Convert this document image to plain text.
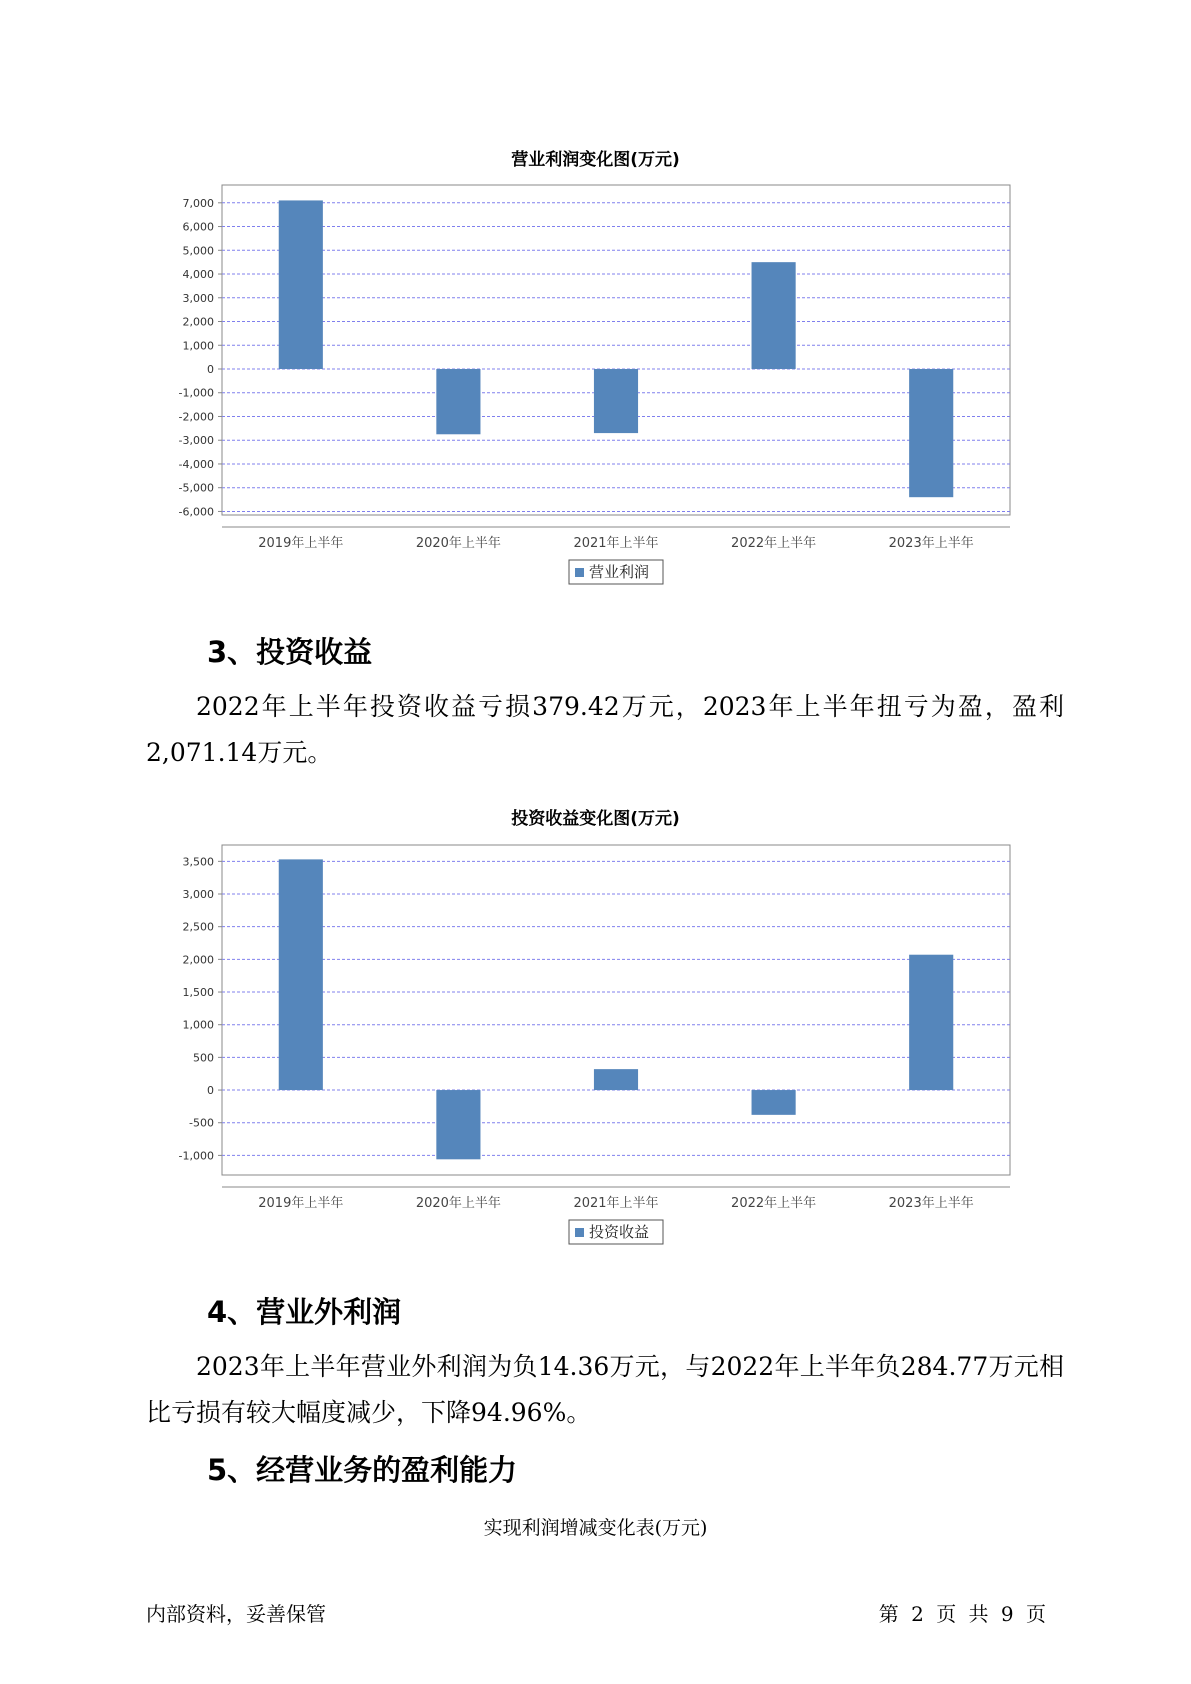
营业利润变化图(万元)
7,000
6,000
5,000
4,000
3,000
2,000
1,000
0
-1,000
-2,000
-3,000
-4,000
-5,000
-6,000
2019年上半年	2020年上半年	2021年上半年	2022年上半年	2023年上半年
营业利润
3、投资收益

2022年上半年投资收益亏损379.42万元，2023年上半年扭亏为盈，盈利2,071.14万元。

投资收益变化图(万元)
3,500
3,000
2,500
2,000
1,500
1,000
500
0
-500
-1,000
2019年上半年	2020年上半年	2021年上半年	2022年上半年	2023年上半年
投资收益
4、营业外利润

2023年上半年营业外利润为负14.36万元，与2022年上半年负284.77万元相比亏损有较大幅度减少，下降94.96%。

5、经营业务的盈利能力
实现利润增减变化表(万元)
内部资料，妥善保管	第 2 页 共 9 页
